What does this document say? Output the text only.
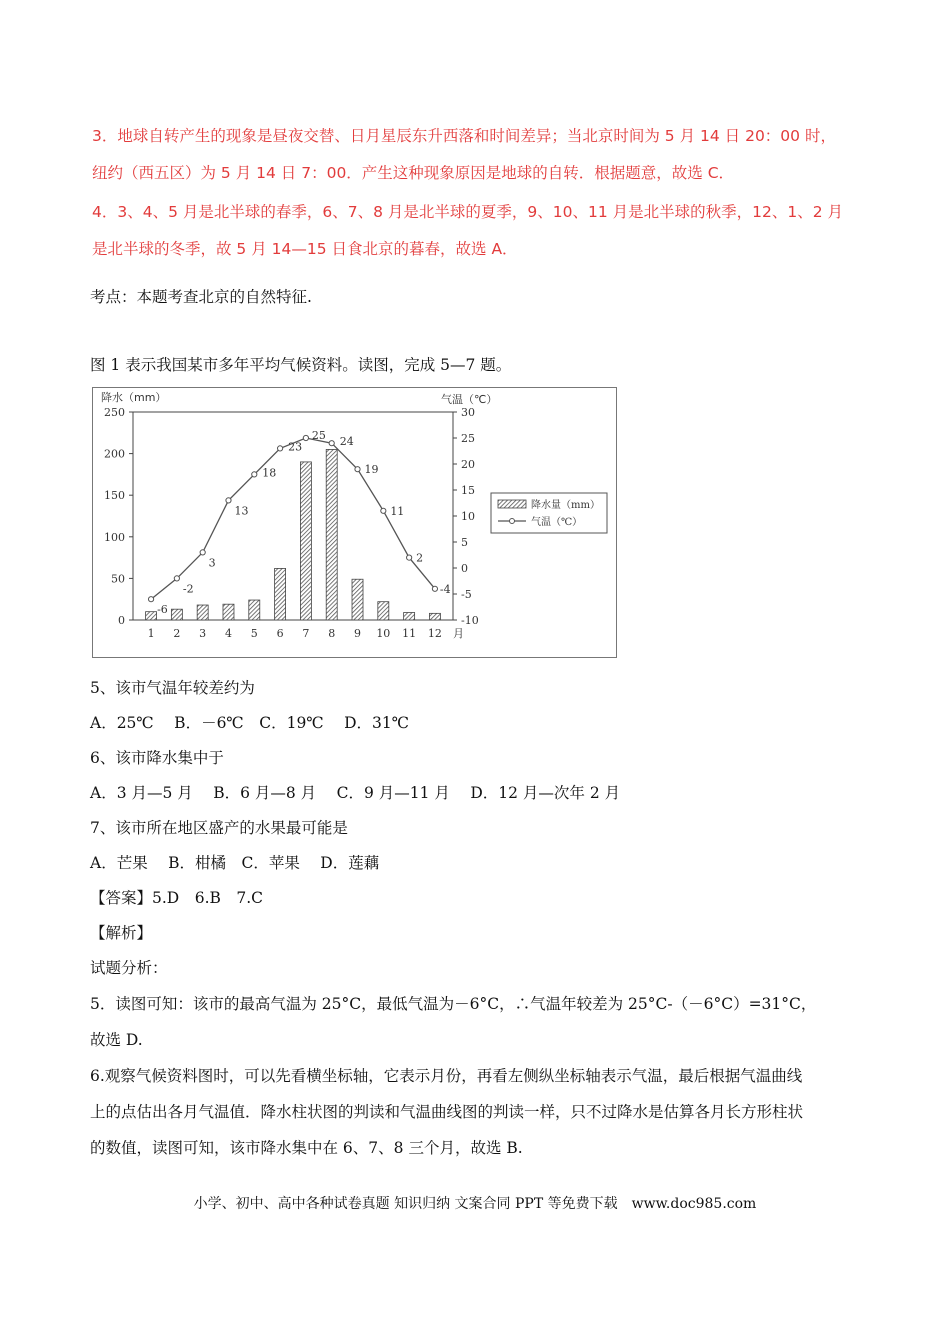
3．地球自转产生的现象是昼夜交替、日月星辰东升西落和时间差异；当北京时间为 5 月 14 日 20：00 时，
纽约（西五区）为 5 月 14 日 7：00．产生这种现象原因是地球的自转．根据题意，故选 C．
4．3、4、5 月是北半球的春季，6、7、8 月是北半球的夏季，9、10、11 月是北半球的秋季，12、1、2 月
是北半球的冬季，故 5 月 14—15 日食北京的暮春，故选 A．
考点：本题考查北京的自然特征.
图 1 表示我国某市多年平均气候资料。读图，完成 5—7 题。
降水（mm）	气温（℃）
250
200
150
100
50
0
30
25
20
15
10
5
0
-5
-10
1 2 3 4 5 6 7 8 9 10 11 12
-6
-2
3
13
18
23
25 24
19
11
2
-4
月
降水量（mm）
气温（℃）
5、该市气温年较差约为
A．25℃　 B．－6℃　C．19℃　 D．31℃
6、该市降水集中于
A．3 月—5 月　 B．6 月—8 月　 C．9 月—11 月　 D．12 月—次年 2 月
7、该市所在地区盛产的水果最可能是
A．芒果　 B．柑橘　C．苹果　 D．莲藕
【答案】5.D　6.B　7.C
【解析】
试题分析：
5．读图可知：该市的最高气温为 25°C，最低气温为－6°C，∴气温年较差为 25°C-（－6°C）=31°C，
故选 D.
6.观察气候资料图时，可以先看横坐标轴，它表示月份，再看左侧纵坐标轴表示气温，最后根据气温曲线
上的点估出各月气温值．降水柱状图的判读和气温曲线图的判读一样，只不过降水是估算各月长方形柱状
的数值，读图可知，该市降水集中在 6、7、8 三个月，故选 B.
小学、初中、高中各种试卷真题 知识归纳 文案合同 PPT 等免费下载　www.doc985.com
